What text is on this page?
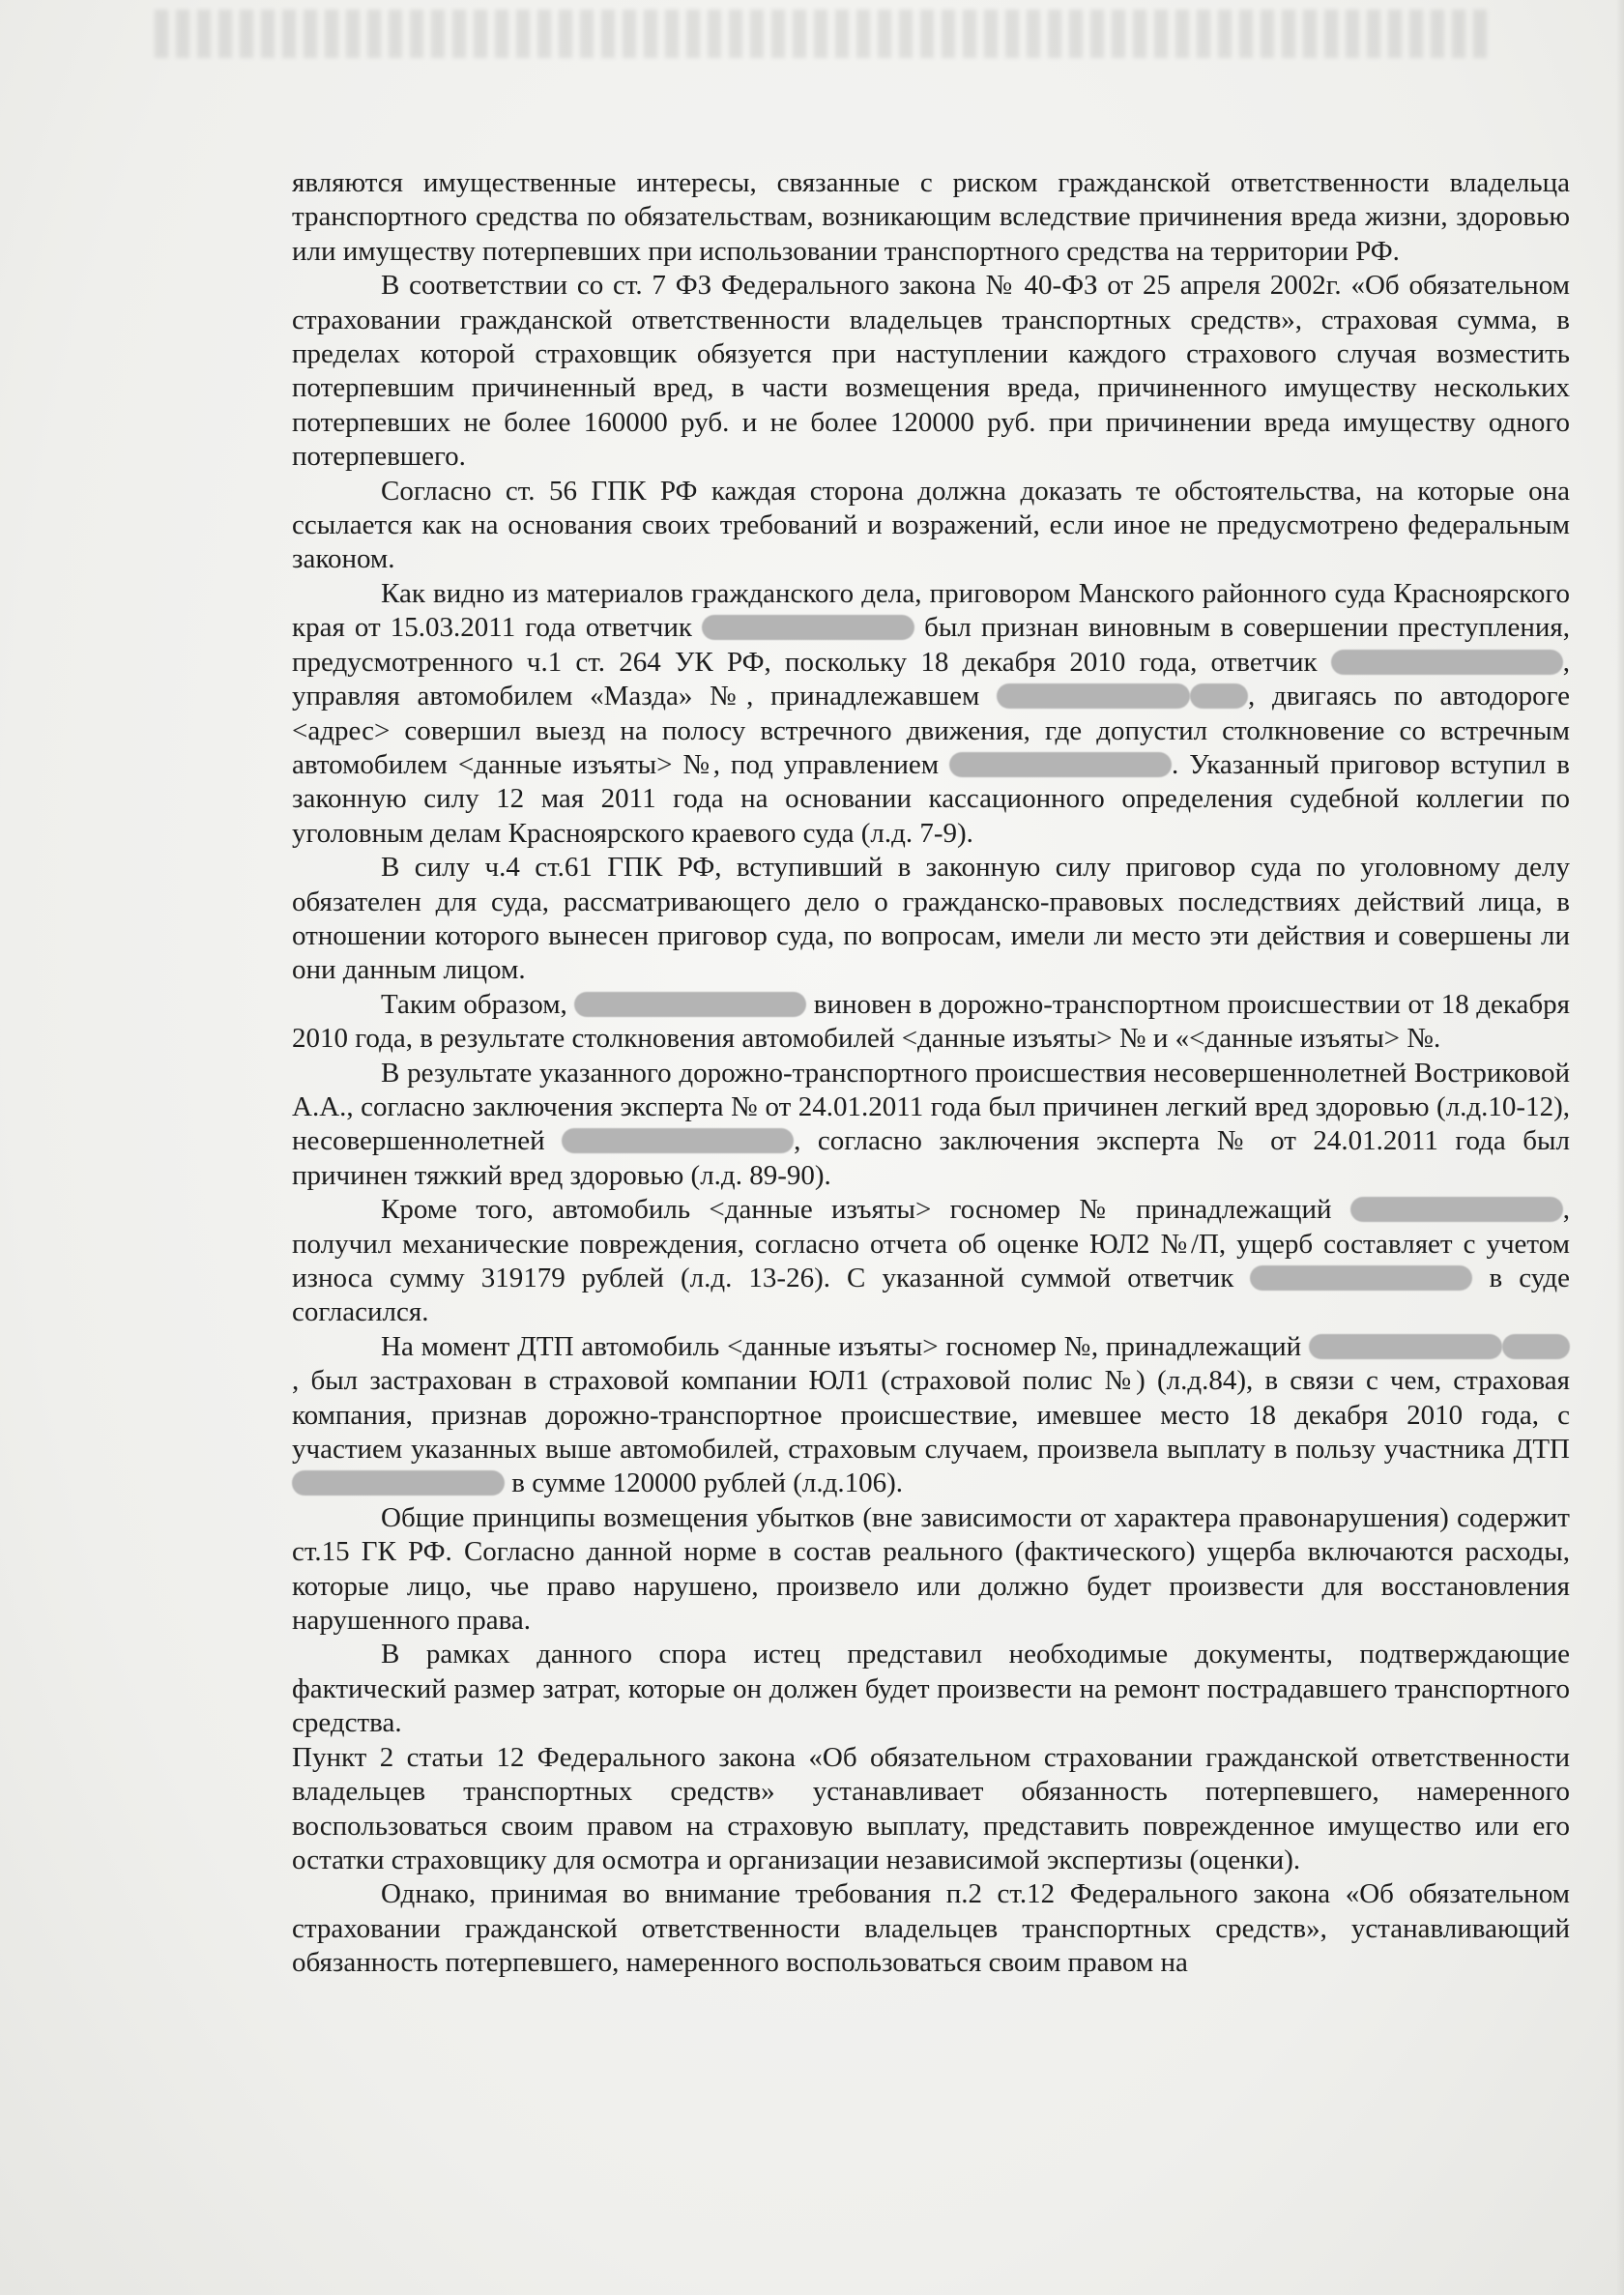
являются имущественные интересы, связанные с риском гражданской ответственности владельца транспортного средства по обязательствам, возникающим вследствие причинения вреда жизни, здоровью или имуществу потерпевших при использовании транспортного средства на территории РФ.

В соответствии со ст. 7 ФЗ Федерального закона № 40-ФЗ от 25 апреля 2002г. «Об обязательном страховании гражданской ответственности владельцев транспортных средств», страховая сумма, в пределах которой страховщик обязуется при наступлении каждого страхового случая возместить потерпевшим причиненный вред, в части возмещения вреда, причиненного имуществу нескольких потерпевших не более 160000 руб. и не более 120000 руб. при причинении вреда имуществу одного потерпевшего.

Согласно ст. 56 ГПК РФ каждая сторона должна доказать те обстоятельства, на которые она ссылается как на основания своих требований и возражений, если иное не предусмотрено федеральным законом.

Как видно из материалов гражданского дела, приговором Манского районного суда Красноярского края от 15.03.2011 года ответчик	был признан виновным в совершении преступления, предусмотренного ч.1 ст. 264 УК РФ, поскольку 18 декабря 2010 года, ответчик	, управляя автомобилем «Мазда» №, принадлежавшем	, двигаясь по автодороге <адрес> совершил выезд на полосу встречного движения, где допустил столкновение со встречным автомобилем <данные изъяты> №, под управлением	. Указанный приговор вступил в законную силу 12 мая 2011 года на основании кассационного определения судебной коллегии по уголовным делам Красноярского краевого суда (л.д. 7-9).

В силу ч.4 ст.61 ГПК РФ, вступивший в законную силу приговор суда по уголовному делу обязателен для суда, рассматривающего дело о гражданско-правовых последствиях действий лица, в отношении которого вынесен приговор суда, по вопросам, имели ли место эти действия и совершены ли они данным лицом.

Таким образом,	виновен в дорожно-транспортном происшествии от 18 декабря 2010 года, в результате столкновения автомобилей <данные изъяты> № и «<данные изъяты> №.

В результате указанного дорожно-транспортного происшествия несовершеннолетней Востриковой А.А., согласно заключения эксперта № от 24.01.2011 года был причинен легкий вред здоровью (л.д.10-12), несовершеннолетней	, согласно заключения эксперта № от 24.01.2011 года был причинен тяжкий вред здоровью (л.д. 89-90).

Кроме того, автомобиль <данные изъяты> госномер № принадлежащий	, получил механические повреждения, согласно отчета об оценке ЮЛ2 №/П, ущерб составляет с учетом износа сумму 319179 рублей (л.д. 13-26). С указанной суммой ответчик	в суде согласился.

На момент ДТП автомобиль <данные изъяты> госномер №, принадлежащий , был застрахован в страховой компании ЮЛ1 (страховой полис №) (л.д.84), в связи с чем, страховая компания, признав дорожно-транспортное происшествие, имевшее место 18 декабря 2010 года, с участием указанных выше автомобилей, страховым случаем, произвела выплату в пользу участника ДТП в сумме 120000 рублей (л.д.106).

Общие принципы возмещения убытков (вне зависимости от характера правонарушения) содержит ст.15 ГК РФ. Согласно данной норме в состав реального (фактического) ущерба включаются расходы, которые лицо, чье право нарушено, произвело или должно будет произвести для восстановления нарушенного права.

В рамках данного спора истец представил необходимые документы, подтверждающие фактический размер затрат, которые он должен будет произвести на ремонт пострадавшего транспортного средства.

Пункт 2 статьи 12 Федерального закона «Об обязательном страховании гражданской ответственности владельцев транспортных средств» устанавливает обязанность потерпевшего, намеренного воспользоваться своим правом на страховую выплату, представить поврежденное имущество или его остатки страховщику для осмотра и организации независимой экспертизы (оценки).

Однако, принимая во внимание требования п.2 ст.12 Федерального закона «Об обязательном страховании гражданской ответственности владельцев транспортных средств», устанавливающий обязанность потерпевшего, намеренного воспользоваться своим правом на
